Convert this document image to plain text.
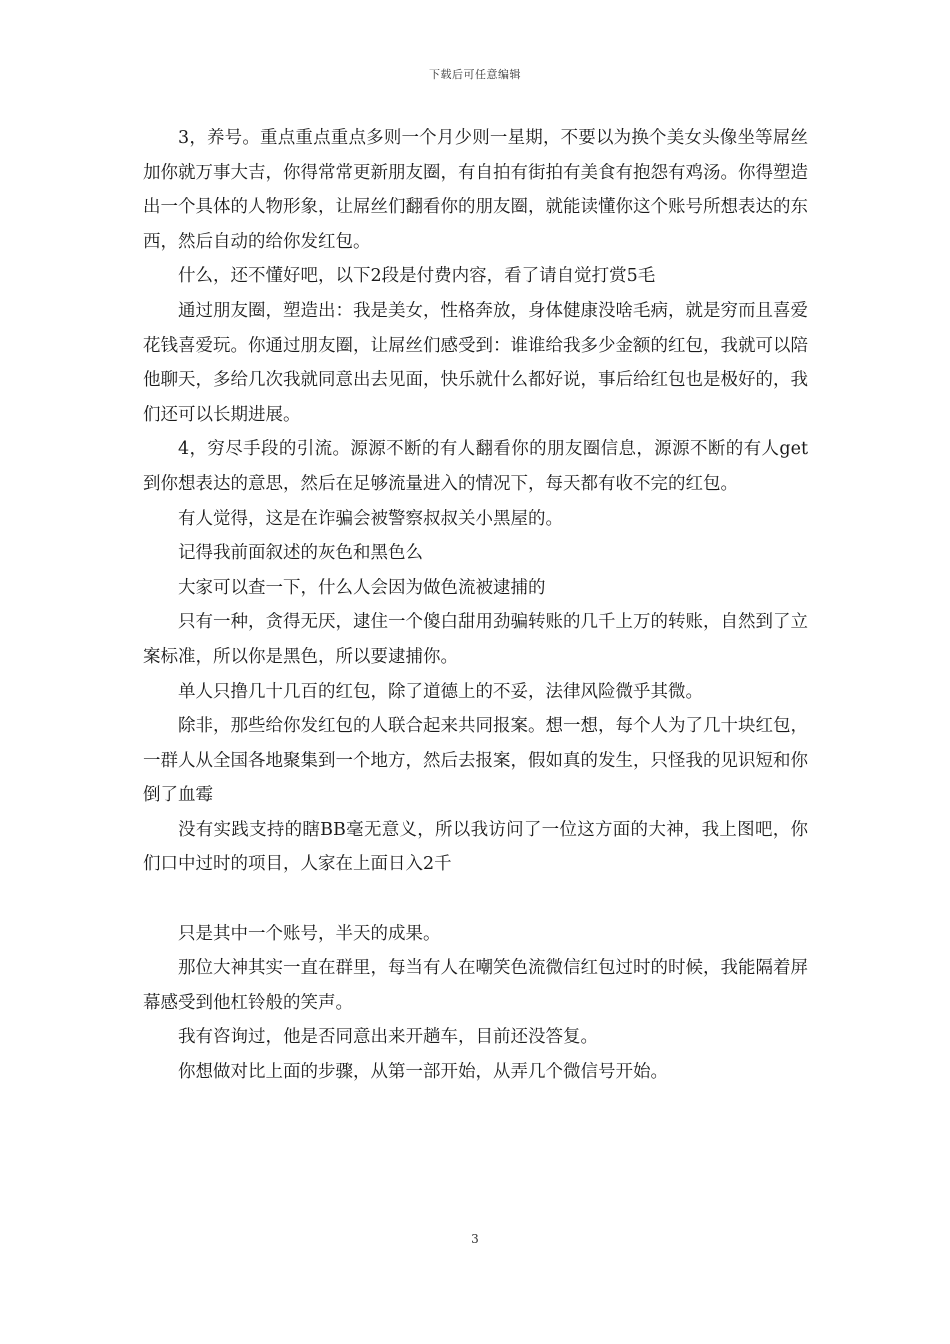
下载后可任意编辑

3，养号。重点重点重点多则一个月少则一星期，不要以为换个美女头像坐等屌丝加你就万事大吉，你得常常更新朋友圈，有自拍有街拍有美食有抱怨有鸡汤。你得塑造出一个具体的人物形象，让屌丝们翻看你的朋友圈，就能读懂你这个账号所想表达的东西，然后自动的给你发红包。

什么，还不懂好吧，以下2段是付费内容，看了请自觉打赏5毛

通过朋友圈，塑造出：我是美女，性格奔放，身体健康没啥毛病，就是穷而且喜爱花钱喜爱玩。你通过朋友圈，让屌丝们感受到：谁谁给我多少金额的红包，我就可以陪他聊天，多给几次我就同意出去见面，快乐就什么都好说，事后给红包也是极好的，我们还可以长期进展。

4，穷尽手段的引流。源源不断的有人翻看你的朋友圈信息，源源不断的有人get到你想表达的意思，然后在足够流量进入的情况下，每天都有收不完的红包。

有人觉得，这是在诈骗会被警察叔叔关小黑屋的。

记得我前面叙述的灰色和黑色么

大家可以查一下，什么人会因为做色流被逮捕的

只有一种，贪得无厌，逮住一个傻白甜用劲骗转账的几千上万的转账，自然到了立案标准，所以你是黑色，所以要逮捕你。

单人只撸几十几百的红包，除了道德上的不妥，法律风险微乎其微。

除非，那些给你发红包的人联合起来共同报案。想一想，每个人为了几十块红包，一群人从全国各地聚集到一个地方，然后去报案，假如真的发生，只怪我的见识短和你倒了血霉

没有实践支持的瞎BB毫无意义，所以我访问了一位这方面的大神，我上图吧，你们口中过时的项目，人家在上面日入2千

只是其中一个账号，半天的成果。

那位大神其实一直在群里，每当有人在嘲笑色流微信红包过时的时候，我能隔着屏幕感受到他杠铃般的笑声。

我有咨询过，他是否同意出来开趟车，目前还没答复。

你想做对比上面的步骤，从第一部开始，从弄几个微信号开始。

3
